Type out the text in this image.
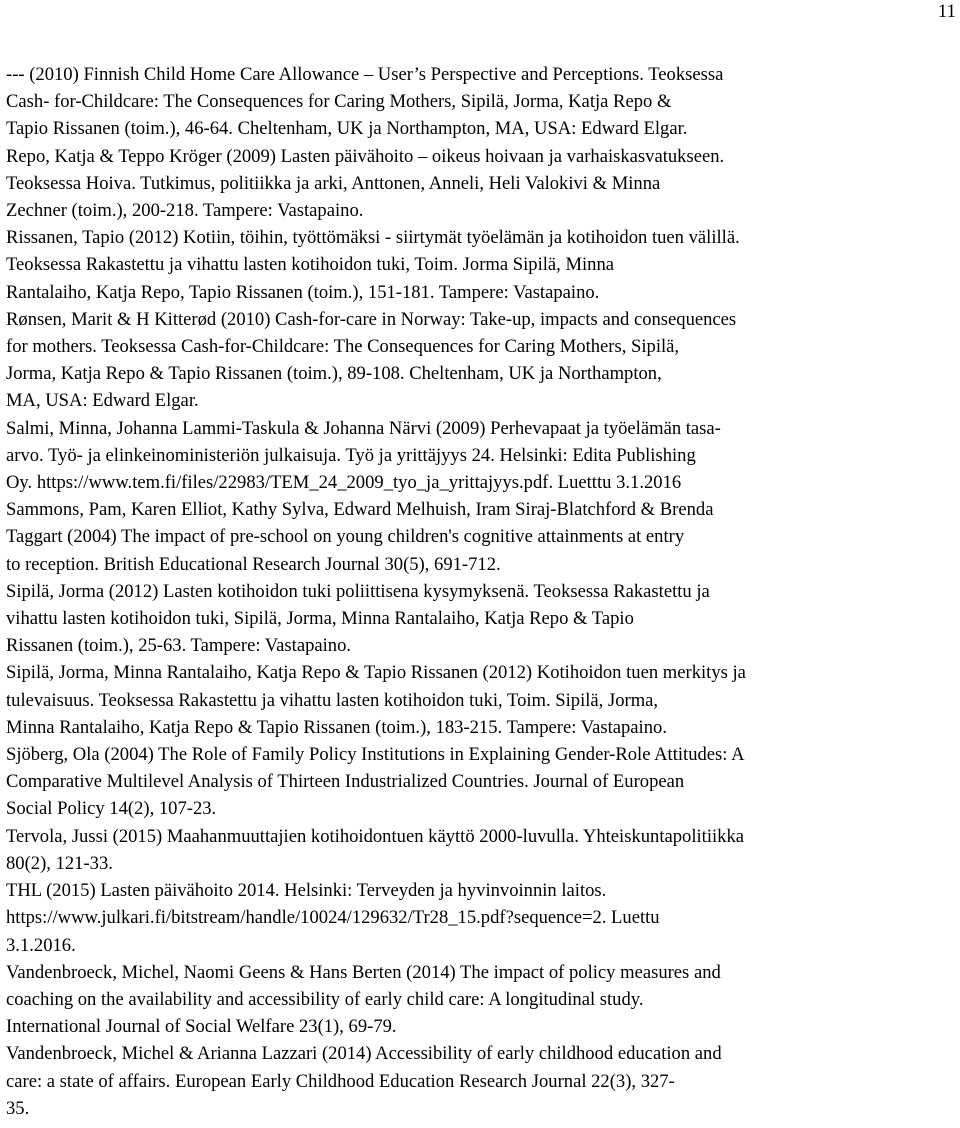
11
--- (2010) Finnish Child Home Care Allowance – User’s Perspective and Perceptions. Teoksessa
Cash- for-Childcare: The Consequences for Caring Mothers, Sipilä, Jorma, Katja Repo &
Tapio Rissanen (toim.), 46-64. Cheltenham, UK ja Northampton, MA, USA: Edward Elgar.
Repo, Katja & Teppo Kröger (2009) Lasten päivähoito – oikeus hoivaan ja varhaiskasvatukseen.
Teoksessa Hoiva. Tutkimus, politiikka ja arki, Anttonen, Anneli, Heli Valokivi & Minna
Zechner (toim.), 200-218. Tampere: Vastapaino.
Rissanen, Tapio (2012) Kotiin, töihin, työttömäksi - siirtymät työelämän ja kotihoidon tuen välillä.
Teoksessa Rakastettu ja vihattu lasten kotihoidon tuki, Toim. Jorma Sipilä, Minna
Rantalaiho, Katja Repo, Tapio Rissanen (toim.), 151-181. Tampere: Vastapaino.
Rønsen, Marit & H Kitterød (2010) Cash-for-care in Norway: Take-up, impacts and consequences
for mothers. Teoksessa Cash-for-Childcare: The Consequences for Caring Mothers, Sipilä,
Jorma, Katja Repo & Tapio Rissanen (toim.), 89-108. Cheltenham, UK ja Northampton,
MA, USA: Edward Elgar.
Salmi, Minna, Johanna Lammi-Taskula & Johanna Närvi (2009) Perhevapaat ja työelämän tasa-
arvo. Työ- ja elinkeinoministeriön julkaisuja. Työ ja yrittäjyys 24. Helsinki: Edita Publishing
Oy. https://www.tem.fi/files/22983/TEM_24_2009_tyo_ja_yrittajyys.pdf. Luetttu 3.1.2016
Sammons, Pam, Karen Elliot, Kathy Sylva, Edward Melhuish, Iram Siraj-Blatchford & Brenda
Taggart (2004) The impact of pre-school on young children's cognitive attainments at entry
to reception. British Educational Research Journal 30(5), 691-712.
Sipilä, Jorma (2012) Lasten kotihoidon tuki poliittisena kysymyksenä. Teoksessa Rakastettu ja
vihattu lasten kotihoidon tuki, Sipilä, Jorma, Minna Rantalaiho, Katja Repo & Tapio
Rissanen (toim.), 25-63. Tampere: Vastapaino.
Sipilä, Jorma, Minna Rantalaiho, Katja Repo & Tapio Rissanen (2012) Kotihoidon tuen merkitys ja
tulevaisuus. Teoksessa Rakastettu ja vihattu lasten kotihoidon tuki, Toim. Sipilä, Jorma,
Minna Rantalaiho, Katja Repo & Tapio Rissanen (toim.), 183-215. Tampere: Vastapaino.
Sjöberg, Ola (2004) The Role of Family Policy Institutions in Explaining Gender-Role Attitudes: A
Comparative Multilevel Analysis of Thirteen Industrialized Countries. Journal of European
Social Policy 14(2), 107-23.
Tervola, Jussi (2015) Maahanmuuttajien kotihoidontuen käyttö 2000-luvulla. Yhteiskuntapolitiikka
80(2), 121-33.
THL (2015) Lasten päivähoito 2014. Helsinki: Terveyden ja hyvinvoinnin laitos.
https://www.julkari.fi/bitstream/handle/10024/129632/Tr28_15.pdf?sequence=2. Luettu
3.1.2016.
Vandenbroeck, Michel, Naomi Geens & Hans Berten (2014) The impact of policy measures and
coaching on the availability and accessibility of early child care: A longitudinal study.
International Journal of Social Welfare 23(1), 69-79.
Vandenbroeck, Michel & Arianna Lazzari (2014) Accessibility of early childhood education and
care: a state of affairs. European Early Childhood Education Research Journal 22(3), 327-
35.
